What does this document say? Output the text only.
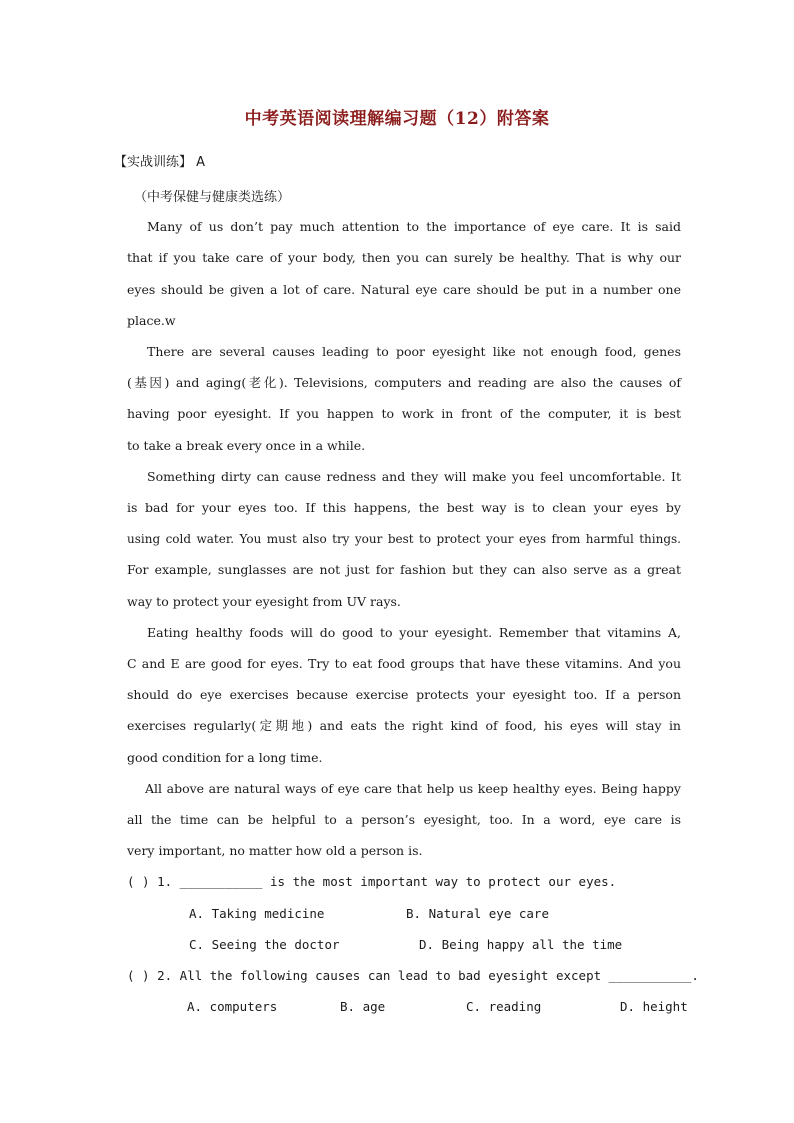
中考英语阅读理解编习题（12）附答案
【实战训练】 A
（中考保健与健康类选练）
Many of us don’t pay much attention to the importance of eye care. It is said
that if you take care of your body, then you can surely be healthy. That is why our
eyes should be given a lot of care. Natural eye care should be put in a number one
place.w
There are several causes leading to poor eyesight like not enough food, genes
(基因) and aging(老化). Televisions, computers and reading are also the causes of
having poor eyesight. If you happen to work in front of the computer, it is best
to take a break every once in a while.
Something dirty can cause redness and they will make you feel uncomfortable. It
is bad for your eyes too. If this happens, the best way is to clean your eyes by
using cold water. You must also try your best to protect your eyes from harmful things.
For example, sunglasses are not just for fashion but they can also serve as a great
way to protect your eyesight from UV rays.
Eating healthy foods will do good to your eyesight. Remember that vitamins A,
C and E are good for eyes. Try to eat food groups that have these vitamins. And you
should do eye exercises because exercise protects your eyesight too. If a person
exercises regularly(定期地) and eats the right kind of food, his eyes will stay in
good condition for a long time.
All above are natural ways of eye care that help us keep healthy eyes. Being happy
all the time can be helpful to a person’s eyesight, too. In a word, eye care is
very important, no matter how old a person is.
( ) 1. ___________ is the most important way to protect our eyes.
A. Taking medicine	B. Natural eye care
C. Seeing the doctor	D. Being happy all the time
( ) 2. All the following causes can lead to bad eyesight except ___________.
A. computers	B. age	C. reading	D. height
